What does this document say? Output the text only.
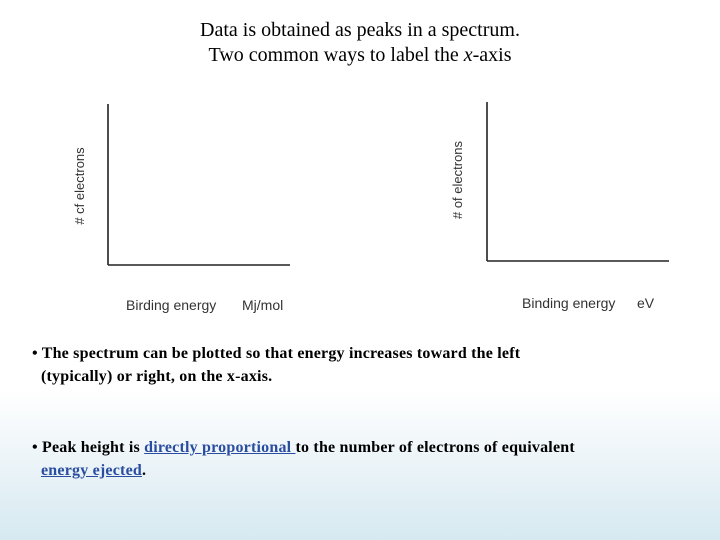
Data is obtained as peaks in a spectrum.
Two common ways to label the x-axis
# cf electrons
Birding energy Mj/mol
# of electrons
Binding energy eV
• The spectrum can be plotted so that energy increases toward the left
(typically) or right, on the x-axis.
• Peak height is directly proportional to the number of electrons of equivalent
energy ejected.
